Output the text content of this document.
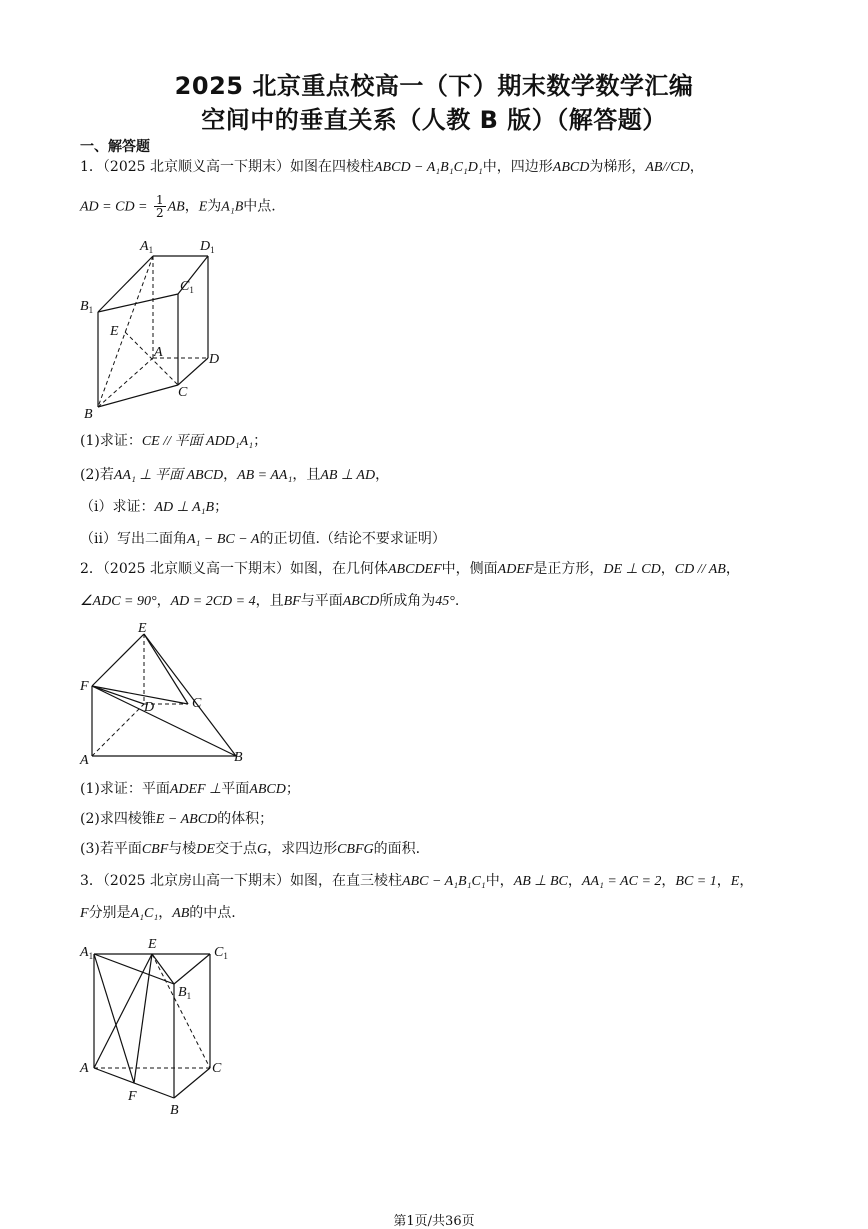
2025 北京重点校高一（下）期末数学数学汇编
空间中的垂直关系（人教 B 版）（解答题）
一、解答题
1．（2025 北京顺义高一下期末）如图在四棱柱ABCD − A₁B₁C₁D₁中，四边形ABCD为梯形，AB//CD，
AD = CD = $\frac{1}{2}$ AB，E为A₁B中点.
$A_1$	$D_1$
$B_1$
$C_1$
E
A	D
C
B
(1)求证：CE // 平面 ADD₁A₁；
(2)若AA₁ ⊥ 平面 ABCD，AB = AA₁，且AB ⊥ AD，
（i）求证：AD ⊥ A₁B；
（ii）写出二面角A₁ − BC − A的正切值.（结论不要求证明）
2．（2025 北京顺义高一下期末）如图，在几何体ABCDEF中，侧面ADEF是正方形，DE ⊥ CD，CD // AB，
∠ADC = 90°，AD = 2CD = 4，且BF与平面ABCD所成角为45°.
E
F
C
D
A	B
(1)求证：平面ADEF ⊥平面ABCD；
(2)求四棱锥E − ABCD的体积；
(3)若平面CBF与棱DE交于点G，求四边形CBFG的面积.
3．（2025 北京房山高一下期末）如图，在直三棱柱ABC − A₁B₁C₁中，AB ⊥ BC，AA₁ = AC = 2，BC = 1，E，
F分别是A₁C₁，AB的中点.
$A_1$
E
$C_1$
$B_1$
A	C
F
B
第1页/共36页
